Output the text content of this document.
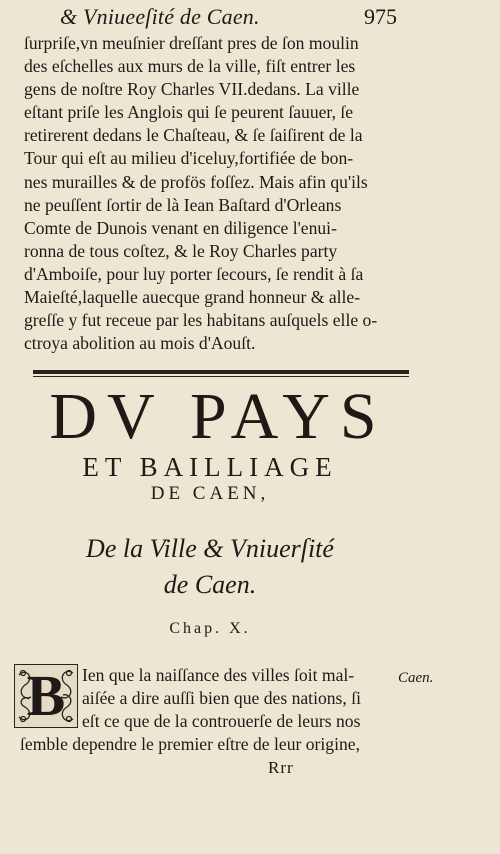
& Vniueeſité de Caen.	975
ſurpriſe,vn meuſnier dreſſant pres de ſon moulin
des eſchelles aux murs de la ville, fiſt entrer les
gens de noſtre Roy Charles VII.dedans. La ville
eſtant priſe les Anglois qui ſe peurent ſauuer, ſe
retirerent dedans le Chaſteau, & ſe ſaiſirent de la
Tour qui eſt au milieu d'iceluy,fortifiée de bon-
nes murailles & de profös foſſez. Mais afin qu'ils
ne peuſſent ſortir de là Iean Baſtard d'Orleans
Comte de Dunois venant en diligence l'enui-
ronna de tous coſtez, & le Roy Charles party
d'Amboiſe, pour luy porter ſecours, ſe rendit à ſa
Maieſté,laquelle auecque grand honneur & alle-
greſſe y fut receue par les habitans auſquels elle o-
ctroya abolition au mois d'Aouſt.
DV PAYS
ET BAILLIAGE
DE CAEN,
De la Ville & Vniuerſité
de Caen.
Chap. X.
B Ien que la naiſſance des villes ſoit mal-
aiſée a dire auſſi bien que des nations, ſi
eſt ce que de la controuerſe de leurs nos
ſemble dependre le premier eſtre de leur origine,
Caen.
Rrr
